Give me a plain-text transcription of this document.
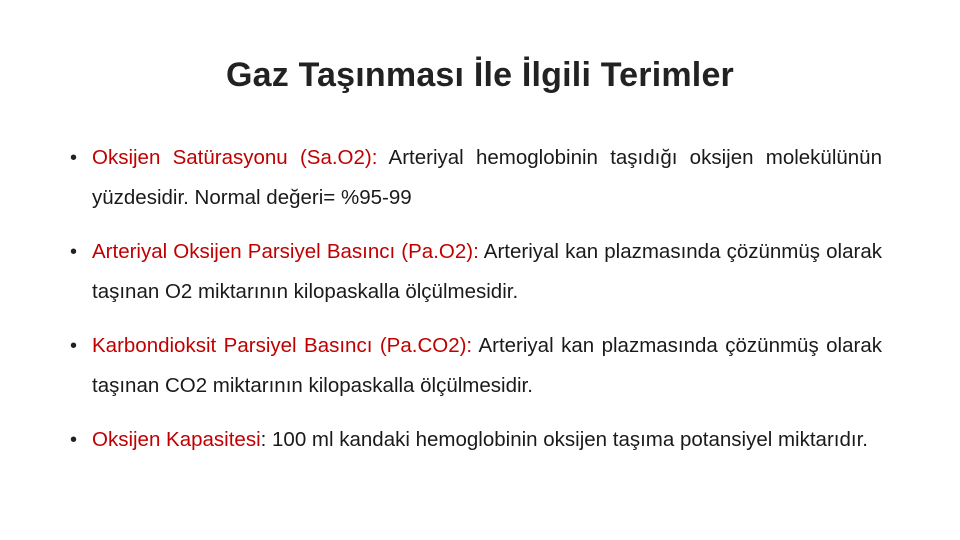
Gaz Taşınması İle İlgili Terimler
• Oksijen Satürasyonu (Sa.O2): Arteriyal hemoglobinin taşıdığı oksijen molekülünün yüzdesidir. Normal değeri= %95-99
• Arteriyal Oksijen Parsiyel Basıncı (Pa.O2): Arteriyal kan plazmasında çözünmüş olarak taşınan O2 miktarının kilopaskalla ölçülmesidir.
• Karbondioksit Parsiyel Basıncı (Pa.CO2): Arteriyal kan plazmasında çözünmüş olarak taşınan CO2 miktarının kilopaskalla ölçülmesidir.
• Oksijen Kapasitesi: 100 ml kandaki hemoglobinin oksijen taşıma potansiyel miktarıdır.
